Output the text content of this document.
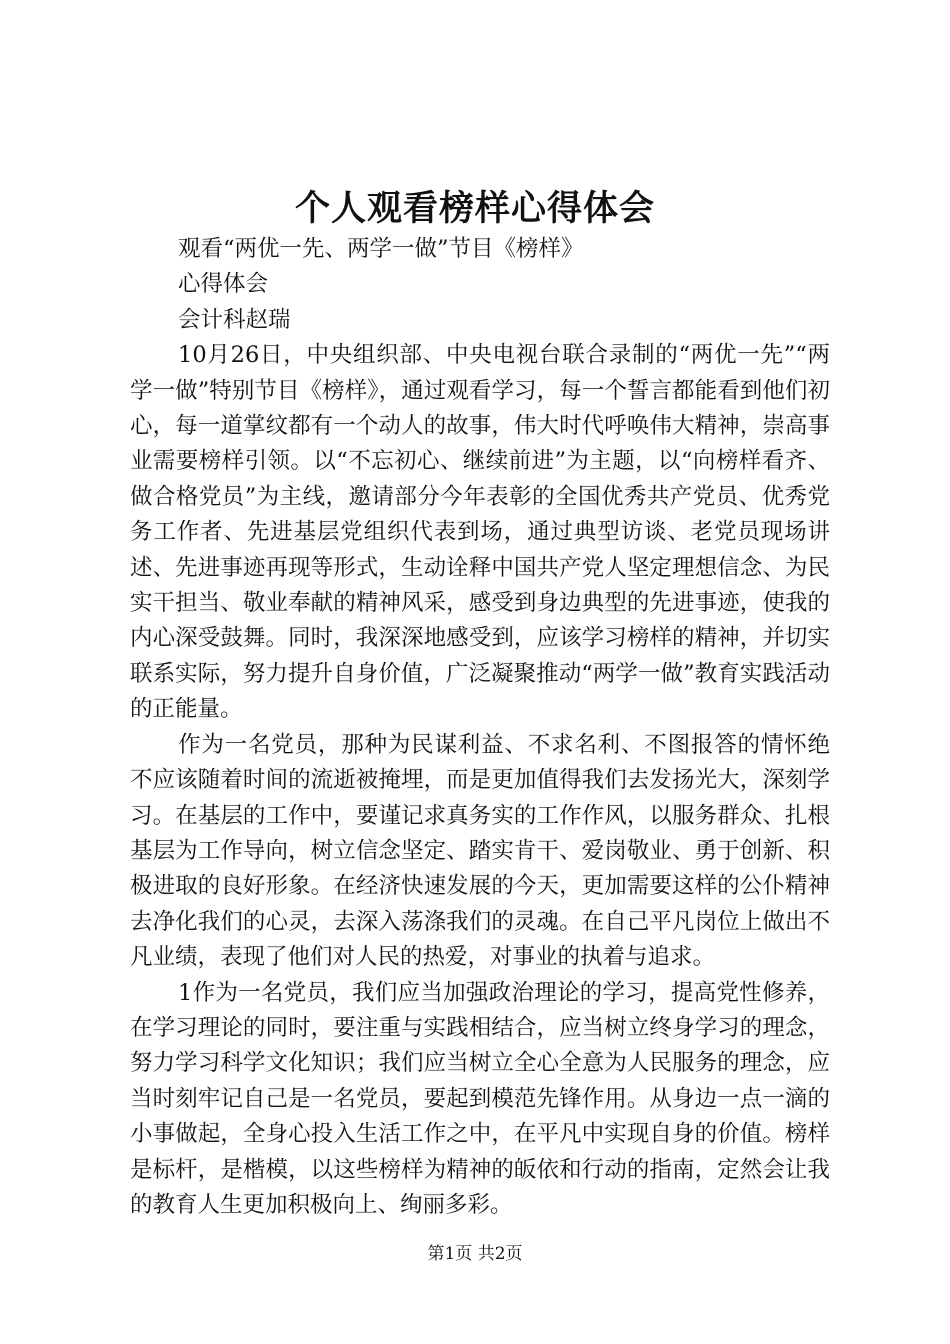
个人观看榜样心得体会
观看“两优一先、两学一做”节目《榜样》
心得体会
会计科赵瑞

10月26日，中央组织部、中央电视台联合录制的“两优一先”“两学一做”特别节目《榜样》，通过观看学习，每一个誓言都能看到他们初心，每一道掌纹都有一个动人的故事，伟大时代呼唤伟大精神，崇高事业需要榜样引领。以“不忘初心、继续前进”为主题，以“向榜样看齐、做合格党员”为主线，邀请部分今年表彰的全国优秀共产党员、优秀党务工作者、先进基层党组织代表到场，通过典型访谈、老党员现场讲述、先进事迹再现等形式，生动诠释中国共产党人坚定理想信念、为民实干担当、敬业奉献的精神风采，感受到身边典型的先进事迹，使我的内心深受鼓舞。同时，我深深地感受到，应该学习榜样的精神，并切实联系实际，努力提升自身价值，广泛凝聚推动“两学一做”教育实践活动的正能量。

作为一名党员，那种为民谋利益、不求名利、不图报答的情怀绝不应该随着时间的流逝被掩埋，而是更加值得我们去发扬光大，深刻学习。在基层的工作中，要谨记求真务实的工作作风，以服务群众、扎根基层为工作导向，树立信念坚定、踏实肯干、爱岗敬业、勇于创新、积极进取的良好形象。在经济快速发展的今天，更加需要这样的公仆精神去净化我们的心灵，去深入荡涤我们的灵魂。在自己平凡岗位上做出不凡业绩，表现了他们对人民的热爱，对事业的执着与追求。

1作为一名党员，我们应当加强政治理论的学习，提高党性修养，在学习理论的同时，要注重与实践相结合，应当树立终身学习的理念，努力学习科学文化知识；我们应当树立全心全意为人民服务的理念，应当时刻牢记自己是一名党员，要起到模范先锋作用。从身边一点一滴的小事做起，全身心投入生活工作之中，在平凡中实现自身的价值。榜样是标杆，是楷模，以这些榜样为精神的皈依和行动的指南，定然会让我的教育人生更加积极向上、绚丽多彩。

第1页 共2页
